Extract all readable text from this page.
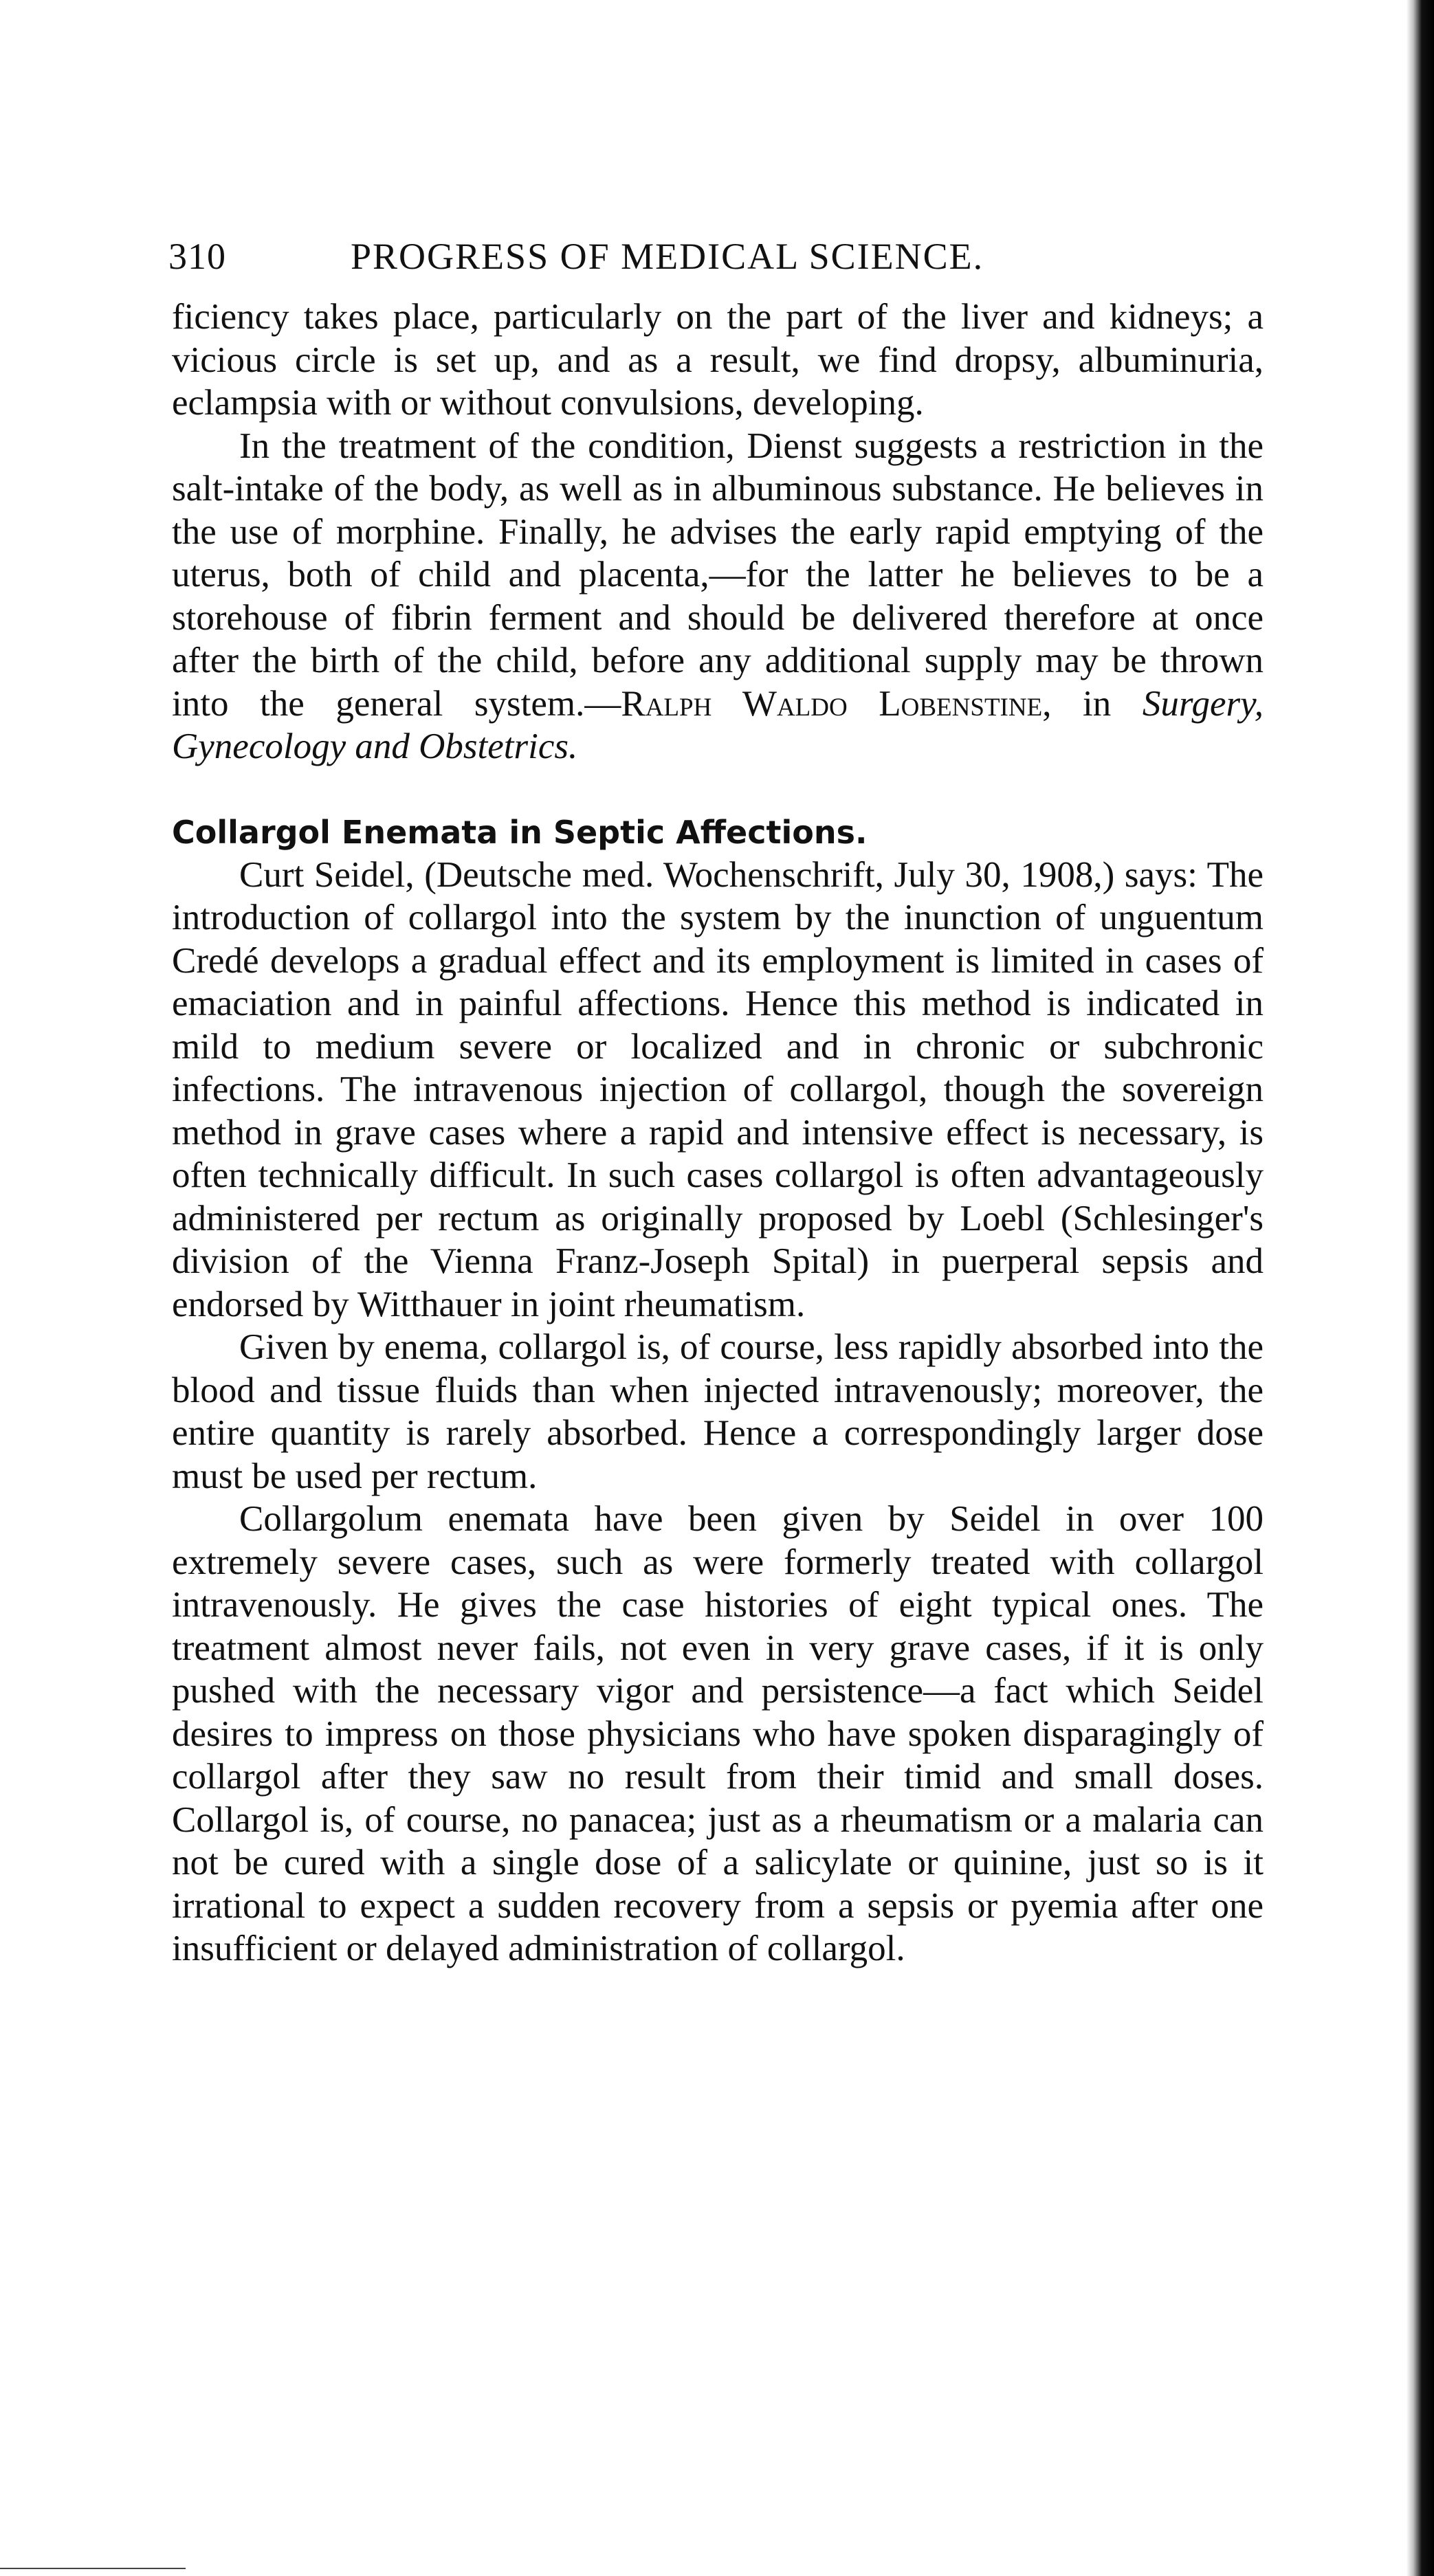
310	PROGRESS OF MEDICAL SCIENCE.

ficiency takes place, particularly on the part of the liver and kidneys; a vicious circle is set up, and as a result, we find dropsy, albuminuria, eclampsia with or without convulsions, developing.

In the treatment of the condition, Dienst suggests a restriction in the salt-intake of the body, as well as in albuminous substance. He believes in the use of morphine. Finally, he advises the early rapid emptying of the uterus, both of child and placenta,—for the latter he believes to be a storehouse of fibrin ferment and should be delivered therefore at once after the birth of the child, before any additional supply may be thrown into the general system.—Ralph Waldo Lobenstine, in Surgery, Gynecology and Obstetrics.

Collargol Enemata in Septic Affections.

Curt Seidel, (Deutsche med. Wochenschrift, July 30, 1908,) says: The introduction of collargol into the system by the inunction of unguentum Credé develops a gradual effect and its employment is limited in cases of emaciation and in painful affections. Hence this method is indicated in mild to medium severe or localized and in chronic or subchronic infections. The intravenous injection of collargol, though the sovereign method in grave cases where a rapid and intensive effect is necessary, is often technically difficult. In such cases collargol is often advantageously administered per rectum as originally proposed by Loebl (Schlesinger's division of the Vienna Franz-Joseph Spital) in puerperal sepsis and endorsed by Witthauer in joint rheumatism.

Given by enema, collargol is, of course, less rapidly absorbed into the blood and tissue fluids than when injected intravenously; moreover, the entire quantity is rarely absorbed. Hence a correspondingly larger dose must be used per rectum.

Collargolum enemata have been given by Seidel in over 100 extremely severe cases, such as were formerly treated with collargol intravenously. He gives the case histories of eight typical ones. The treatment almost never fails, not even in very grave cases, if it is only pushed with the necessary vigor and persistence—a fact which Seidel desires to impress on those physicians who have spoken disparagingly of collargol after they saw no result from their timid and small doses. Collargol is, of course, no panacea; just as a rheumatism or a malaria can not be cured with a single dose of a salicylate or quinine, just so is it irrational to expect a sudden recovery from a sepsis or pyemia after one insufficient or delayed administration of collargol.
